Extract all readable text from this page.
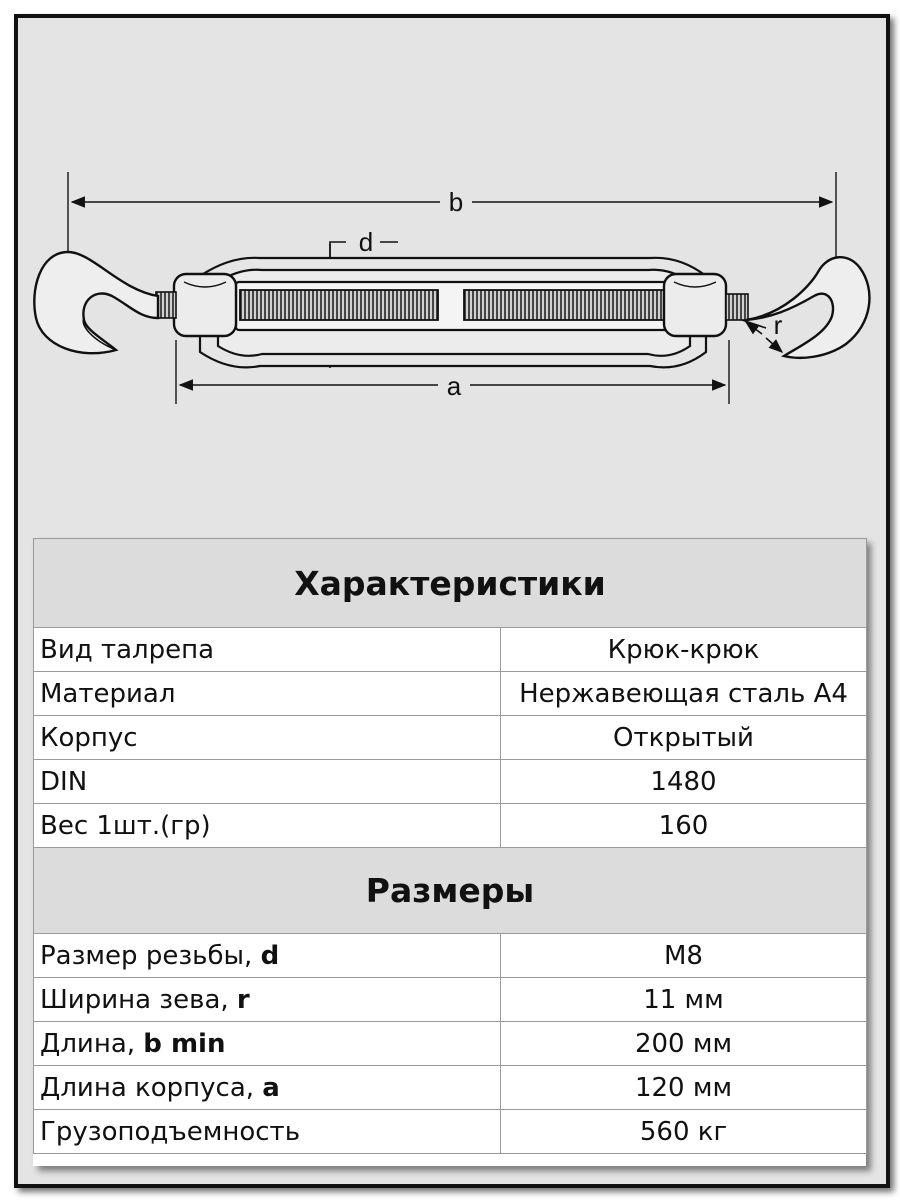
b
a
d
r
Характеристики	
Вид талрепа	Крюк-крюк
Материал	Нержавеющая сталь А4
Корпус	Открытый
DIN	1480
Вес 1шт.(гр)	160
Размеры	
Размер резьбы, d	M8
Ширина зева, r	11 мм
Длина, b min	200 мм
Длина корпуса, a	120 мм
Грузоподъемность	560 кг
